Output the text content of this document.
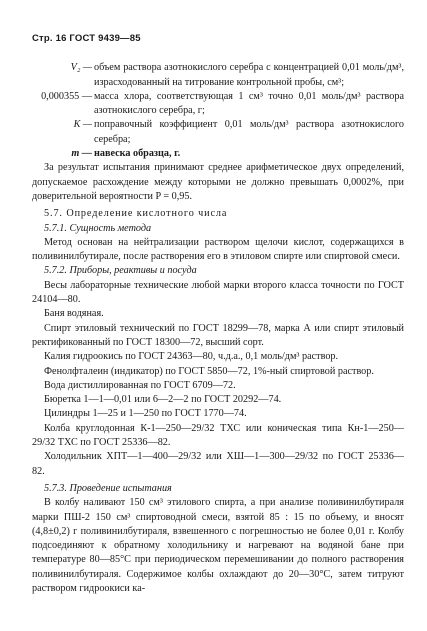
Стр. 16 ГОСТ 9439—85
V₂ — объем раствора азотнокислого серебра с концентрацией 0,01 моль/дм³, израсходованный на титрование контрольной пробы, см³;
0,000355 — масса хлора, соответствующая 1 см³ точно 0,01 моль/дм³ раствора азотнокислого серебра, г;
K — поправочный коэффициент 0,01 моль/дм³ раствора азотнокислого серебра;
m — навеска образца, г.

За результат испытания принимают среднее арифметическое двух определений, допускаемое расхождение между которыми не должно превышать 0,0002%, при доверительной вероятности P = 0,95.

5.7. Определение кислотного числа

5.7.1. Сущность метода

Метод основан на нейтрализации раствором щелочи кислот, содержащихся в поливинилбутирале, после растворения его в этиловом спирте или спиртовой смеси.

5.7.2. Приборы, реактивы и посуда

Весы лабораторные технические любой марки второго класса точности по ГОСТ 24104—80.

Баня водяная.

Спирт этиловый технический по ГОСТ 18299—78, марка А или спирт этиловый ректификованный по ГОСТ 18300—72, высший сорт.

Калия гидроокись по ГОСТ 24363—80, ч.д.а., 0,1 моль/дм³ раствор.

Фенолфталеин (индикатор) по ГОСТ 5850—72, 1%-ный спиртовой раствор.

Вода дистиллированная по ГОСТ 6709—72.

Бюретка 1—1—0,01 или 6—2—2 по ГОСТ 20292—74.

Цилиндры 1—25 и 1—250 по ГОСТ 1770—74.

Колба круглодонная К-1—250—29/32 ТХС или коническая типа Кн-1—250—29/32 ТХС по ГОСТ 25336—82.

Холодильник ХПТ—1—400—29/32 или ХШ—1—300—29/32 по ГОСТ 25336—82.

5.7.3. Проведение испытания

В колбу наливают 150 см³ этилового спирта, а при анализе поливинилбутираля марки ПШ-2 150 см³ спиртоводной смеси, взятой 85 : 15 по объему, и вносят (4,8±0,2) г поливинилбутираля, взвешенного с погрешностью не более 0,01 г. Колбу подсоединяют к обратному холодильнику и нагревают на водяной бане при температуре 80—85°С при периодическом перемешивании до полного растворения поливинилбутираля. Содержимое колбы охлаждают до 20—30°С, затем титруют раствором гидроокиси ка-
